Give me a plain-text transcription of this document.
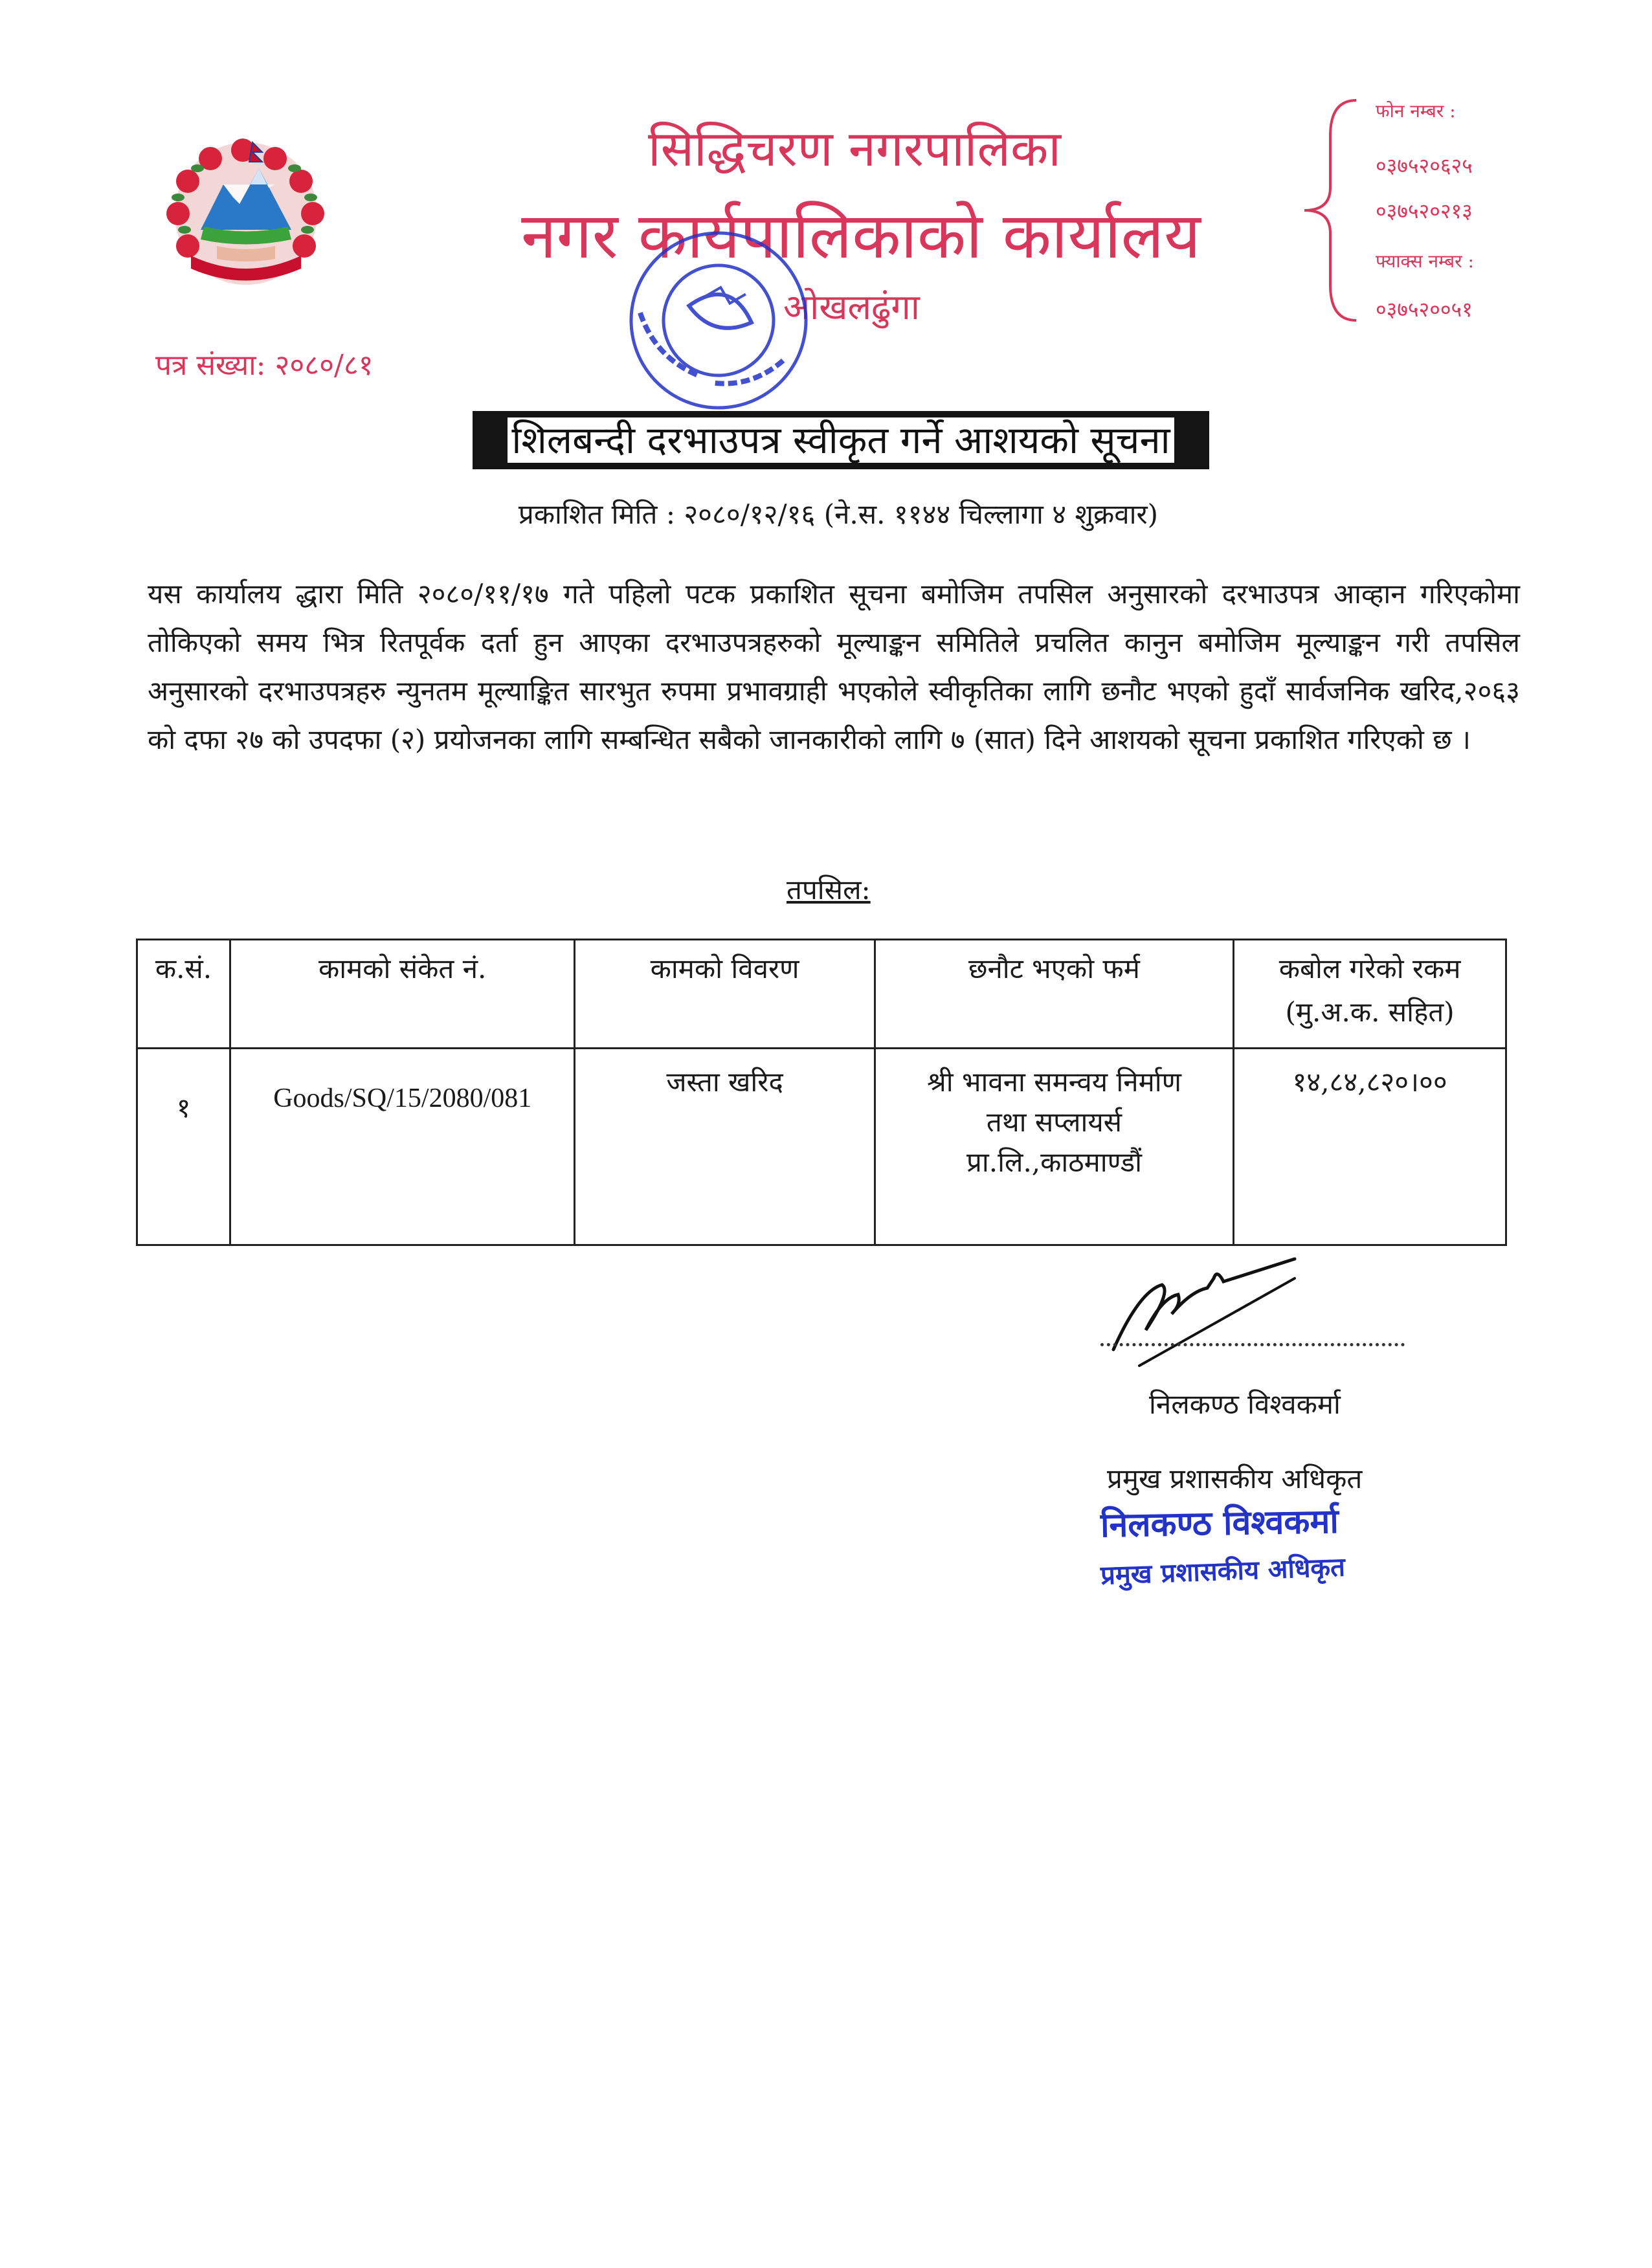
सिद्धिचरण नगरपालिका
नगर कार्यपालिकाको कार्यालय
ओखलढुंगा
फोन नम्बर :
०३७५२०६२५
०३७५२०२१३
फ्याक्स नम्बर :
०३७५२००५१
पत्र संख्या: २०८०/८१
शिलबन्दी दरभाउपत्र स्वीकृत गर्ने आशयको सूचना
प्रकाशित मिति : २०८०/१२/१६ (ने.स. ११४४ चिल्लागा ४ शुक्रवार)
यस कार्यालय द्धारा मिति २०८०/११/१७ गते पहिलो पटक प्रकाशित सूचना बमोजिम तपसिल अनुसारको दरभाउपत्र आव्हान गरिएकोमा तोकिएको समय भित्र रितपूर्वक दर्ता हुन आएका दरभाउपत्रहरुको मूल्याङ्कन समितिले प्रचलित कानुन बमोजिम मूल्याङ्कन गरी तपसिल अनुसारको दरभाउपत्रहरु न्युनतम मूल्याङ्कित सारभुत रुपमा प्रभावग्राही भएकोले स्वीकृतिका लागि छनौट भएको हुदाँ सार्वजनिक खरिद,२०६३ को दफा २७ को उपदफा (२) प्रयोजनका लागि सम्बन्धित सबैको जानकारीको लागि ७ (सात) दिने आशयको सूचना प्रकाशित गरिएको छ ।
तपसिल:
क.सं.	कामको संकेत नं.	कामको विवरण	छनौट भएको फर्म	कबोल गरेको रकम
(मु.अ.क. सहित)

१	Goods/SQ/15/2080/081	जस्ता खरिद	श्री भावना समन्वय निर्माण
तथा सप्लायर्स
प्रा.लि.,काठमाण्डौं	१४,८४,८२०।००
निलकण्ठ विश्वकर्मा
प्रमुख प्रशासकीय अधिकृत
निलकण्ठ विश्वकर्मा
प्रमुख प्रशासकीय अधिकृत
